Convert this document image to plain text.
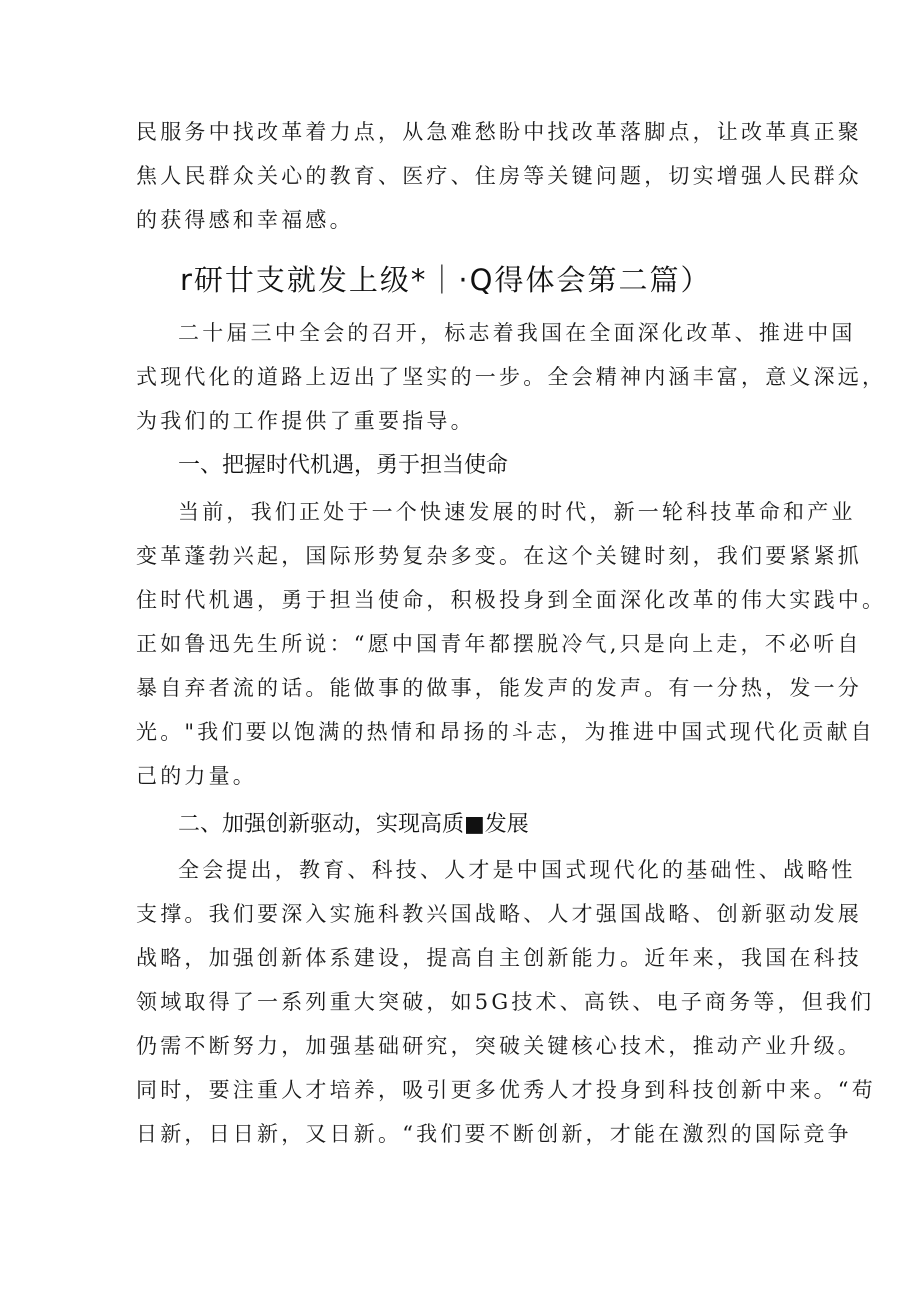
民服务中找改革着力点，从急难愁盼中找改革落脚点，让改革真正聚
焦人民群众关心的教育、医疗、住房等关键问题，切实增强人民群众
的获得感和幸福感。
r研廿支就发上级*｜·Q得体会第二篇）
二十届三中全会的召开，标志着我国在全面深化改革、推进中国
式现代化的道路上迈出了坚实的一步。全会精神内涵丰富，意义深远，
为我们的工作提供了重要指导。
一、把握时代机遇，勇于担当使命
当前，我们正处于一个快速发展的时代，新一轮科技革命和产业
变革蓬勃兴起，国际形势复杂多变。在这个关键时刻，我们要紧紧抓
住时代机遇，勇于担当使命，积极投身到全面深化改革的伟大实践中。
正如鲁迅先生所说：“愿中国青年都摆脱冷气,只是向上走，不必听自
暴自弃者流的话。能做事的做事，能发声的发声。有一分热，发一分
光。"我们要以饱满的热情和昂扬的斗志，为推进中国式现代化贡献自
己的力量。
二、加强创新驱动，实现高质■发展
全会提出，教育、科技、人才是中国式现代化的基础性、战略性
支撑。我们要深入实施科教兴国战略、人才强国战略、创新驱动发展
战略，加强创新体系建设，提高自主创新能力。近年来，我国在科技
领域取得了一系列重大突破，如5G技术、高铁、电子商务等，但我们
仍需不断努力，加强基础研究，突破关键核心技术，推动产业升级。
同时，要注重人才培养，吸引更多优秀人才投身到科技创新中来。“苟
日新，日日新，又日新。“我们要不断创新，才能在激烈的国际竞争
